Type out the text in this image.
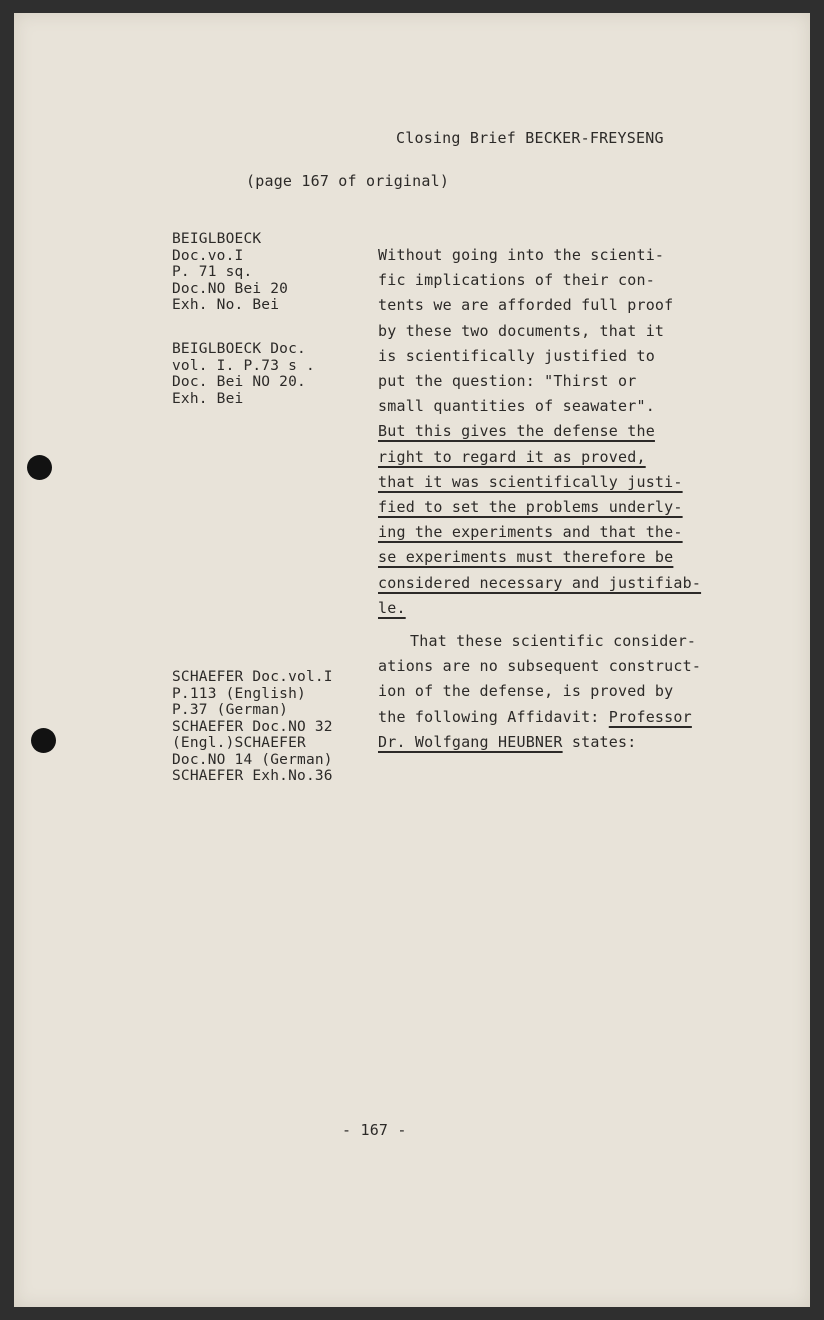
Closing Brief BECKER-FREYSENG
(page 167 of original)
BEIGLBOECK
Doc.vo.I
P. 71 sq.
Doc.NO Bei 20
Exh. No. Bei
BEIGLBOECK Doc.
vol. I. P.73 s .
Doc. Bei NO 20.
Exh. Bei
SCHAEFER Doc.vol.I
P.113 (English)
P.37 (German)
SCHAEFER Doc.NO 32
(Engl.)SCHAEFER
Doc.NO 14 (German)
SCHAEFER Exh.No.36
Without going into the scienti-
fic implications of their con-
tents we are afforded full proof
by these two documents, that it
is scientifically justified to
put the question: "Thirst or
small quantities of seawater".
But this gives the defense the
right to regard it as proved,
that it was scientifically justi-
fied to set the problems underly-
ing the experiments and that the-
se experiments must therefore be
considered necessary and justifiab-
le.
That these scientific consider-
ations are no subsequent construct-
ion of the defense, is proved by
the following Affidavit: Professor
Dr. Wolfgang HEUBNER states:
- 167 -
